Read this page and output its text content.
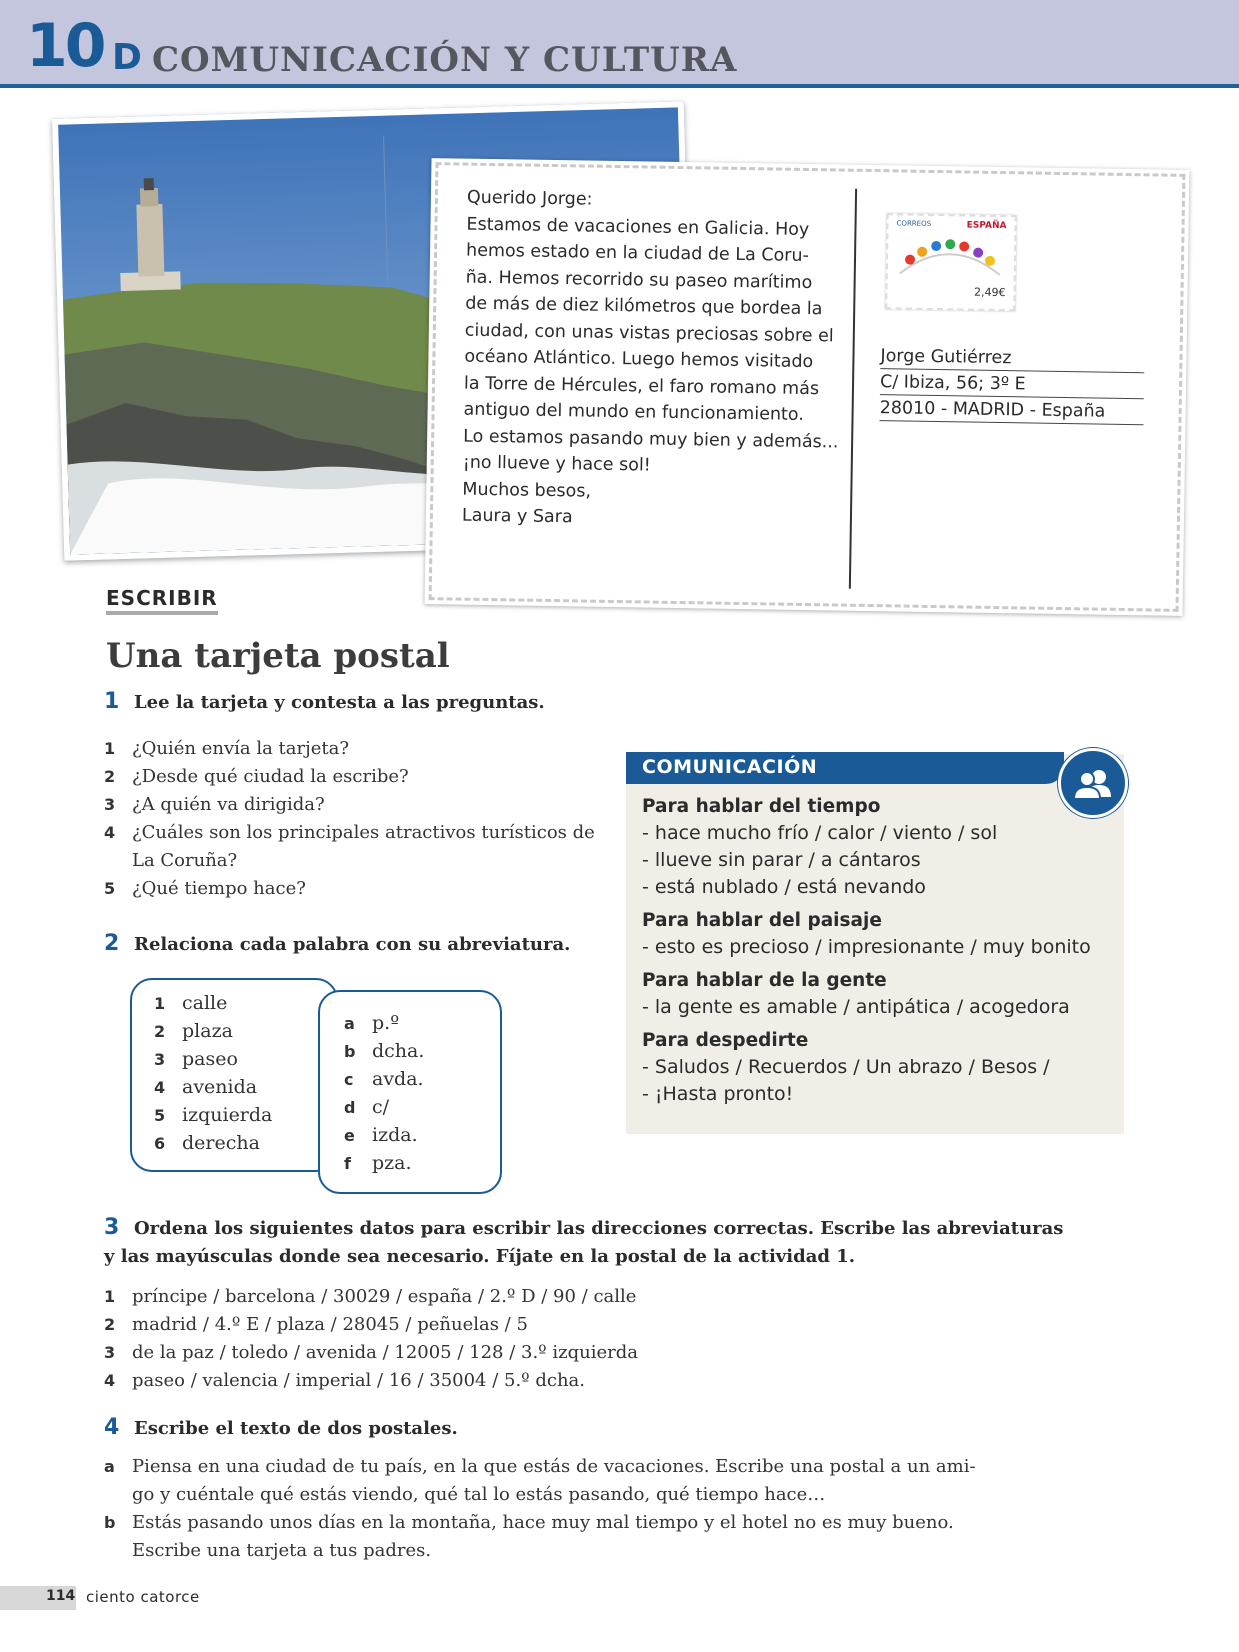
10 D COMUNICACIÓN Y CULTURA
Querido Jorge:
Estamos de vacaciones en Galicia. Hoy
hemos estado en la ciudad de La Coru-
ña. Hemos recorrido su paseo marítimo
de más de diez kilómetros que bordea la
ciudad, con unas vistas preciosas sobre el
océano Atlántico. Luego hemos visitado
la Torre de Hércules, el faro romano más
antiguo del mundo en funcionamiento.
Lo estamos pasando muy bien y además...
¡no llueve y hace sol!
Muchos besos,
Laura y Sara
CORREOS	ESPAÑA
2,49€
Jorge Gutiérrez
C/ Ibiza, 56; 3º E
28010 - MADRID - España
ESCRIBIR
Una tarjeta postal
1 Lee la tarjeta y contesta a las preguntas.
1 ¿Quién envía la tarjeta?
2 ¿Desde qué ciudad la escribe?
3 ¿A quién va dirigida?
4 ¿Cuáles son los principales atractivos turísticos de
La Coruña?
5 ¿Qué tiempo hace?
2 Relaciona cada palabra con su abreviatura.
1 calle
2 plaza
3 paseo
4 avenida
5 izquierda
6 derecha
a p.º
b dcha.
c avda.
d c/
e izda.
f pza.
COMUNICACIÓN
Para hablar del tiempo
- hace mucho frío / calor / viento / sol
- llueve sin parar / a cántaros
- está nublado / está nevando
Para hablar del paisaje
- esto es precioso / impresionante / muy bonito
Para hablar de la gente
- la gente es amable / antipática / acogedora
Para despedirte
- Saludos / Recuerdos / Un abrazo / Besos /
- ¡Hasta pronto!
3 Ordena los siguientes datos para escribir las direcciones correctas. Escribe las abreviaturas
y las mayúsculas donde sea necesario. Fíjate en la postal de la actividad 1.
1 príncipe / barcelona / 30029 / españa / 2.º D / 90 / calle
2 madrid / 4.º E / plaza / 28045 / peñuelas / 5
3 de la paz / toledo / avenida / 12005 / 128 / 3.º izquierda
4 paseo / valencia / imperial / 16 / 35004 / 5.º dcha.
4 Escribe el texto de dos postales.
a Piensa en una ciudad de tu país, en la que estás de vacaciones. Escribe una postal a un ami-
go y cuéntale qué estás viendo, qué tal lo estás pasando, qué tiempo hace…
b Estás pasando unos días en la montaña, hace muy mal tiempo y el hotel no es muy bueno.
Escribe una tarjeta a tus padres.
114 ciento catorce
